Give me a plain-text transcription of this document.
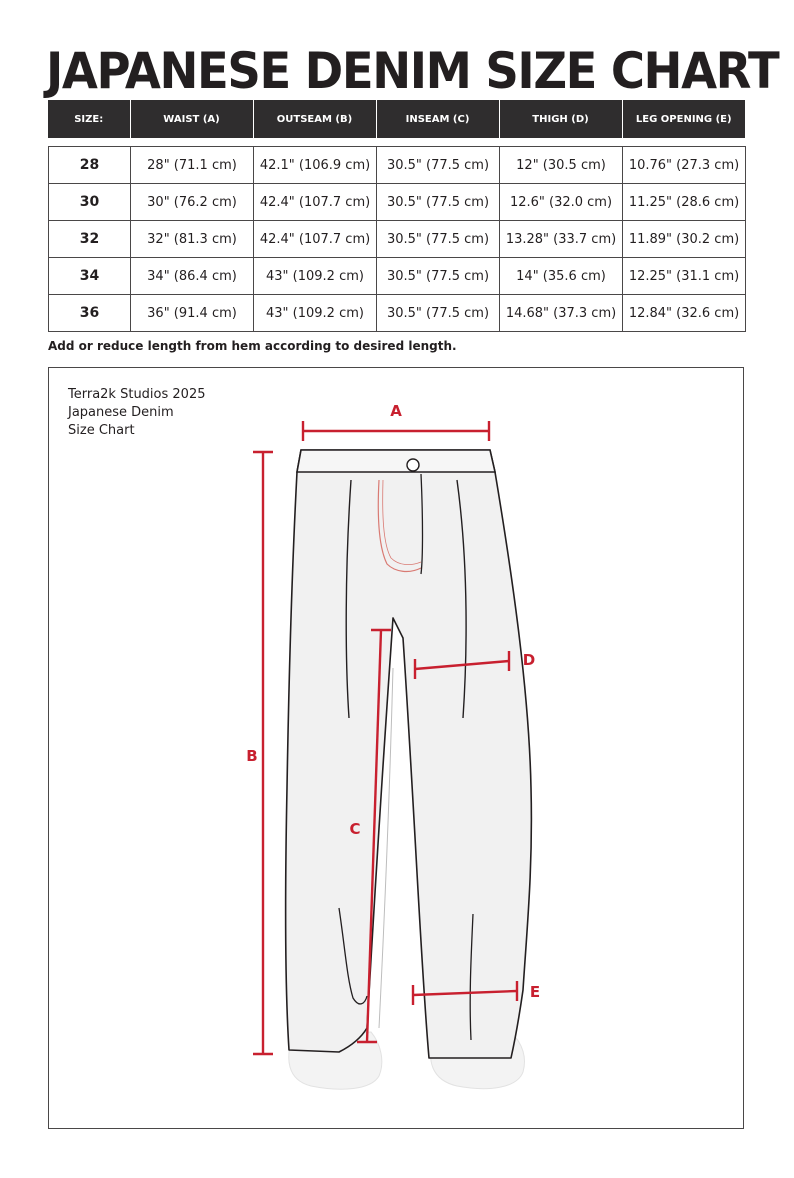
JAPANESE DENIM SIZE CHART
SIZE:	WAIST (A)	OUTSEAM (B)	INSEAM (C)	THIGH (D)	LEG OPENING (E)
28	28" (71.1 cm)	42.1" (106.9 cm)	30.5" (77.5 cm)	12" (30.5 cm)	10.76" (27.3 cm)
30	30" (76.2 cm)	42.4" (107.7 cm)	30.5" (77.5 cm)	12.6" (32.0 cm)	11.25" (28.6 cm)
32	32" (81.3 cm)	42.4" (107.7 cm)	30.5" (77.5 cm)	13.28" (33.7 cm)	11.89" (30.2 cm)
34	34" (86.4 cm)	43" (109.2 cm)	30.5" (77.5 cm)	14" (35.6 cm)	12.25" (31.1 cm)
36	36" (91.4 cm)	43" (109.2 cm)	30.5" (77.5 cm)	14.68" (37.3 cm)	12.84" (32.6 cm)
Add or reduce length from hem according to desired length.
Terra2k Studios 2025
Japanese Denim
Size Chart
A
B
C
D
E
